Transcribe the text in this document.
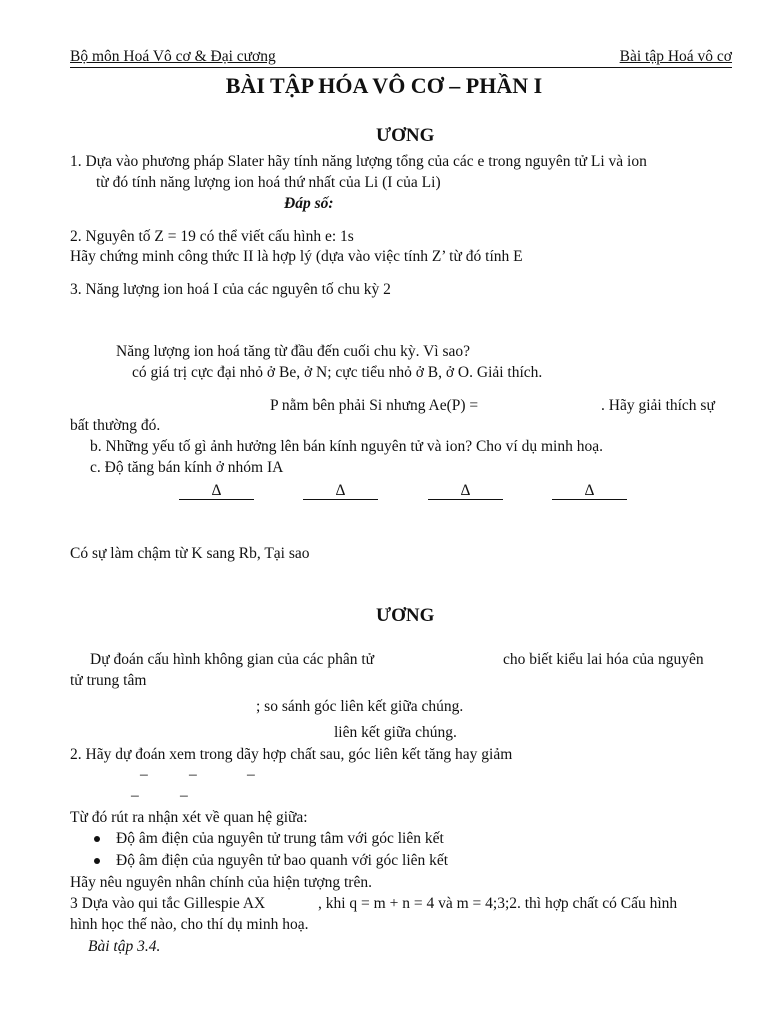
Bộ môn Hoá Vô cơ & Đại cương	Bài tập Hoá vô cơ
BÀI TẬP HÓA VÔ CƠ – PHẦN I
ƯƠNG
1. Dựa vào phương pháp Slater hãy tính năng lượng tổng của các e trong nguyên tử Li và ion
từ đó tính năng lượng ion hoá thứ nhất của Li (I của Li)
Đáp số:
2. Nguyên tố Z = 19 có thể viết cấu hình e: 1s
Hãy chứng minh công thức II là hợp lý (dựa vào việc tính Z’ từ đó tính E
3. Năng lượng ion hoá I của các nguyên tố chu kỳ 2
Năng lượng ion hoá tăng từ đầu đến cuối chu kỳ. Vì sao?
có giá trị cực đại nhỏ ở Be, ở N; cực tiểu nhỏ ở B, ở O. Giải thích.
P nằm bên phải Si nhưng Ae(P) =	. Hãy giải thích sự
bất thường đó.
b. Những yếu tố gì ảnh hưởng lên bán kính nguyên tử và ion? Cho ví dụ minh hoạ.
c. Độ tăng bán kính ở nhóm IA
Δ	Δ	Δ	Δ
Có sự làm chậm từ K sang Rb, Tại sao
ƯƠNG
Dự đoán cấu hình không gian của các phân tử	cho biết kiểu lai hóa của nguyên
tử trung tâm
; so sánh góc liên kết giữa chúng.
liên kết giữa chúng.
2. Hãy dự đoán xem trong dãy hợp chất sau, góc liên kết tăng hay giảm
–	–	–
–	–
Từ đó rút ra nhận xét về quan hệ giữa:
Độ âm điện của nguyên tử trung tâm với góc liên kết
Độ âm điện của nguyên tử bao quanh với góc liên kết
Hãy nêu nguyên nhân chính của hiện tượng trên.
3 Dựa vào qui tắc Gillespie AX	, khi q = m + n = 4 và m = 4;3;2. thì hợp chất có Cấu hình
hình học thế nào, cho thí dụ minh hoạ.
Bài tập 3.4.
